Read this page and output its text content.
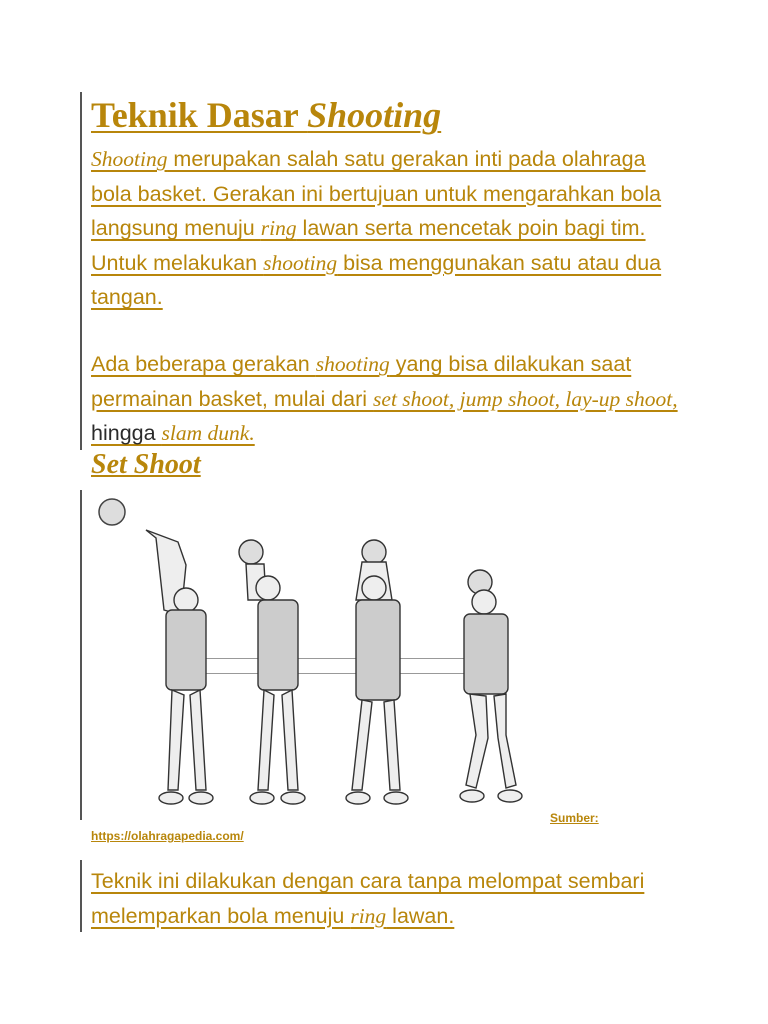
Teknik Dasar Shooting

Shooting merupakan salah satu gerakan inti pada olahraga bola basket. Gerakan ini bertujuan untuk mengarahkan bola langsung menuju ring lawan serta mencetak poin bagi tim. Untuk melakukan shooting bisa menggunakan satu atau dua tangan.

Ada beberapa gerakan shooting yang bisa dilakukan saat permainan basket, mulai dari set shoot, jump shoot, lay-up shoot, hingga slam dunk.

Set Shoot
Sumber:
https://olahragapedia.com/

Teknik ini dilakukan dengan cara tanpa melompat sembari melemparkan bola menuju ring lawan.
